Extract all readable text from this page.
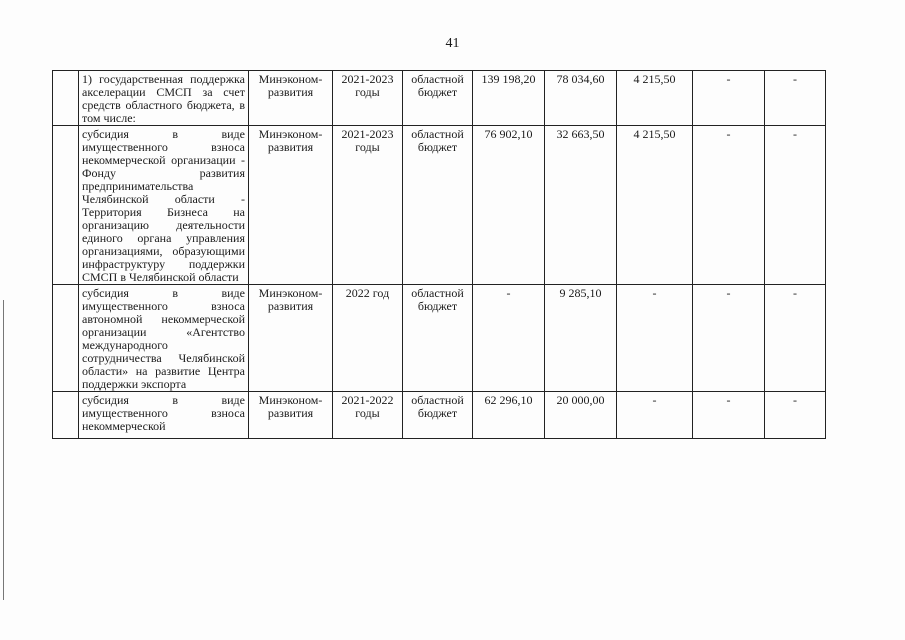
41
	1) государственная поддержка акселерации СМСП за счет средств областного бюджета, в том числе:	Минэконом-развития	2021-2023 годы	областной бюджет	139 198,20	78 034,60	4 215,50	-	-
	субсидия в виде имущественного взноса некоммерческой организации - Фонду развития предпринимательства Челябинской области - Территория Бизнеса на организацию деятельности единого органа управления организациями, образующими инфраструктуру поддержки СМСП в Челябинской области	Минэконом-развития	2021-2023 годы	областной бюджет	76 902,10	32 663,50	4 215,50	-	-
	субсидия в виде имущественного взноса автономной некоммерческой организации «Агентство международного сотрудничества Челябинской области» на развитие Центра поддержки экспорта	Минэконом-развития	2022 год	областной бюджет	-	9 285,10	-	-	-
	субсидия в виде имущественного взноса некоммерческой	Минэконом-развития	2021-2022 годы	областной бюджет	62 296,10	20 000,00	-	-	-
